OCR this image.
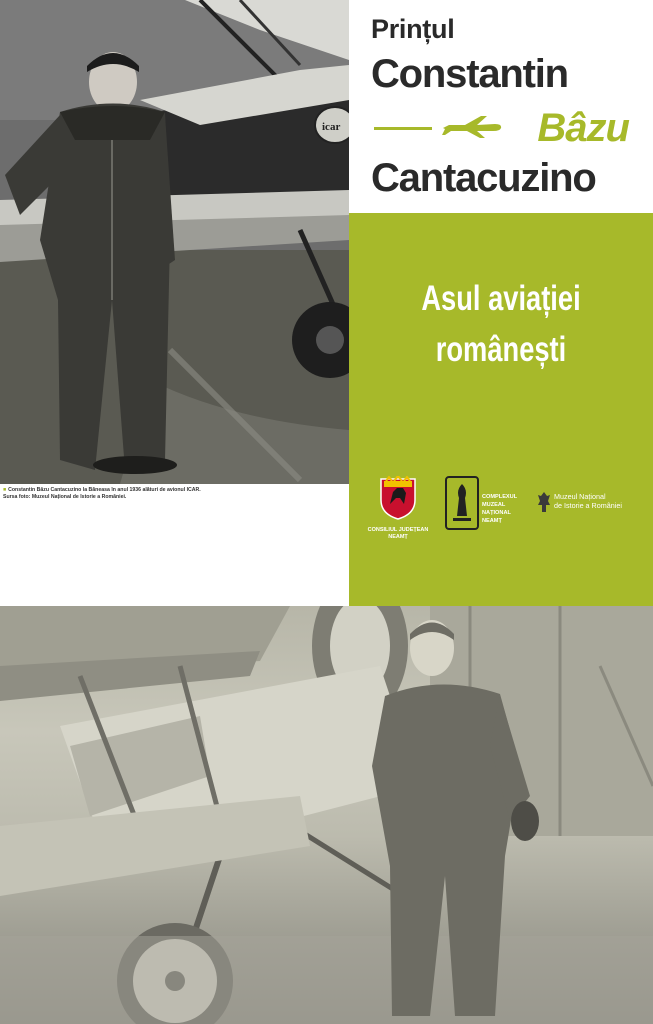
icar
■ Constantin Bâzu Cantacuzino la Băneasa în anul 1936 alături de avionul ICAR.
Sursa foto: Muzeul Național de Istorie a României.
Prințul
Constantin
Bâzu
Cantacuzino
Asul aviației
românești
CONSILIUL JUDEȚEAN
NEAMȚ
COMPLEXUL
MUZEAL
NAȚIONAL
NEAMȚ
Muzeul Național
de Istorie a României
